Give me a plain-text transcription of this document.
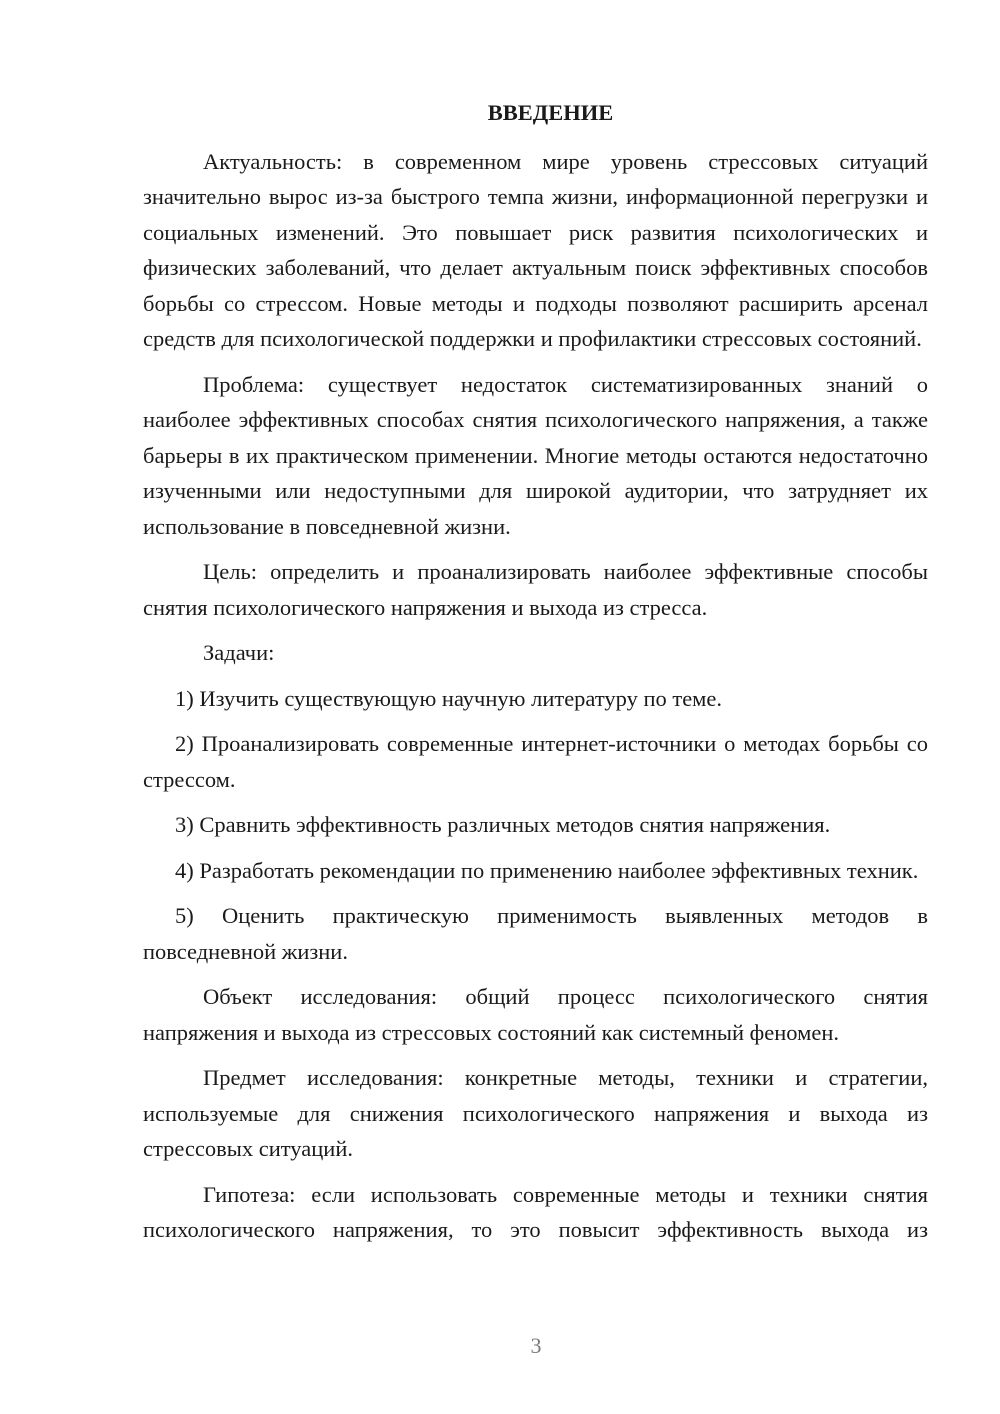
ВВЕДЕНИЕ

Актуальность: в современном мире уровень стрессовых ситуаций значительно вырос из-за быстрого темпа жизни, информационной перегрузки и социальных изменений. Это повышает риск развития психологических и физических заболеваний, что делает актуальным поиск эффективных способов борьбы со стрессом. Новые методы и подходы позволяют расширить арсенал средств для психологической поддержки и профилактики стрессовых состояний.

Проблема: существует недостаток систематизированных знаний о наиболее эффективных способах снятия психологического напряжения, а также барьеры в их практическом применении. Многие методы остаются недостаточно изученными или недоступными для широкой аудитории, что затрудняет их использование в повседневной жизни.

Цель: определить и проанализировать наиболее эффективные способы снятия психологического напряжения и выхода из стресса.

Задачи:

1) Изучить существующую научную литературу по теме.

2) Проанализировать современные интернет-источники о методах борьбы со стрессом.

3) Сравнить эффективность различных методов снятия напряжения.

4) Разработать рекомендации по применению наиболее эффективных техник.

5) Оценить практическую применимость выявленных методов в повседневной жизни.

Объект исследования: общий процесс психологического снятия напряжения и выхода из стрессовых состояний как системный феномен.

Предмет исследования: конкретные методы, техники и стратегии, используемые для снижения психологического напряжения и выхода из стрессовых ситуаций.

Гипотеза: если использовать современные методы и техники снятия психологического напряжения, то это повысит эффективность выхода из

3
